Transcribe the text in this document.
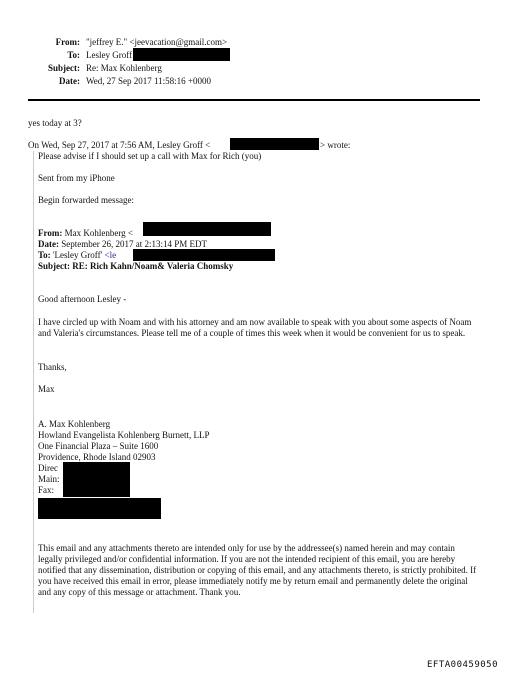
From: "jeffrey E." <jeevacation@gmail.com>
To: Lesley Groff
Subject: Re: Max Kohlenberg
Date: Wed, 27 Sep 2017 11:58:16 +0000
yes today at 3?
On Wed, Sep 27, 2017 at 7:56 AM, Lesley Groff <	> wrote:
Please advise if I should set up a call with Max for Rich (you)
Sent from my iPhone
Begin forwarded message:
From: Max Kohlenberg <
Date: September 26, 2017 at 2:13:14 PM EDT
To: 'Lesley Groff' <le
Subject: RE: Rich Kahn/Noam& Valeria Chomsky
Good afternoon Lesley -
I have circled up with Noam and with his attorney and am now available to speak with you about some aspects of Noam and Valeria's circumstances. Please tell me of a couple of times this week when it would be convenient for us to speak.
Thanks,
Max
A. Max Kohlenberg
Howland Evangelista Kohlenberg Burnett, LLP
One Financial Plaza – Suite 1600
Providence, Rhode Island 02903
Direc
Main:
Fax:
This email and any attachments thereto are intended only for use by the addressee(s) named herein and may contain legally privileged and/or confidential information. If you are not the intended recipient of this email, you are hereby notified that any dissemination, distribution or copying of this email, and any attachments thereto, is strictly prohibited. If you have received this email in error, please immediately notify me by return email and permanently delete the original and any copy of this message or attachment. Thank you.
EFTA00459050
